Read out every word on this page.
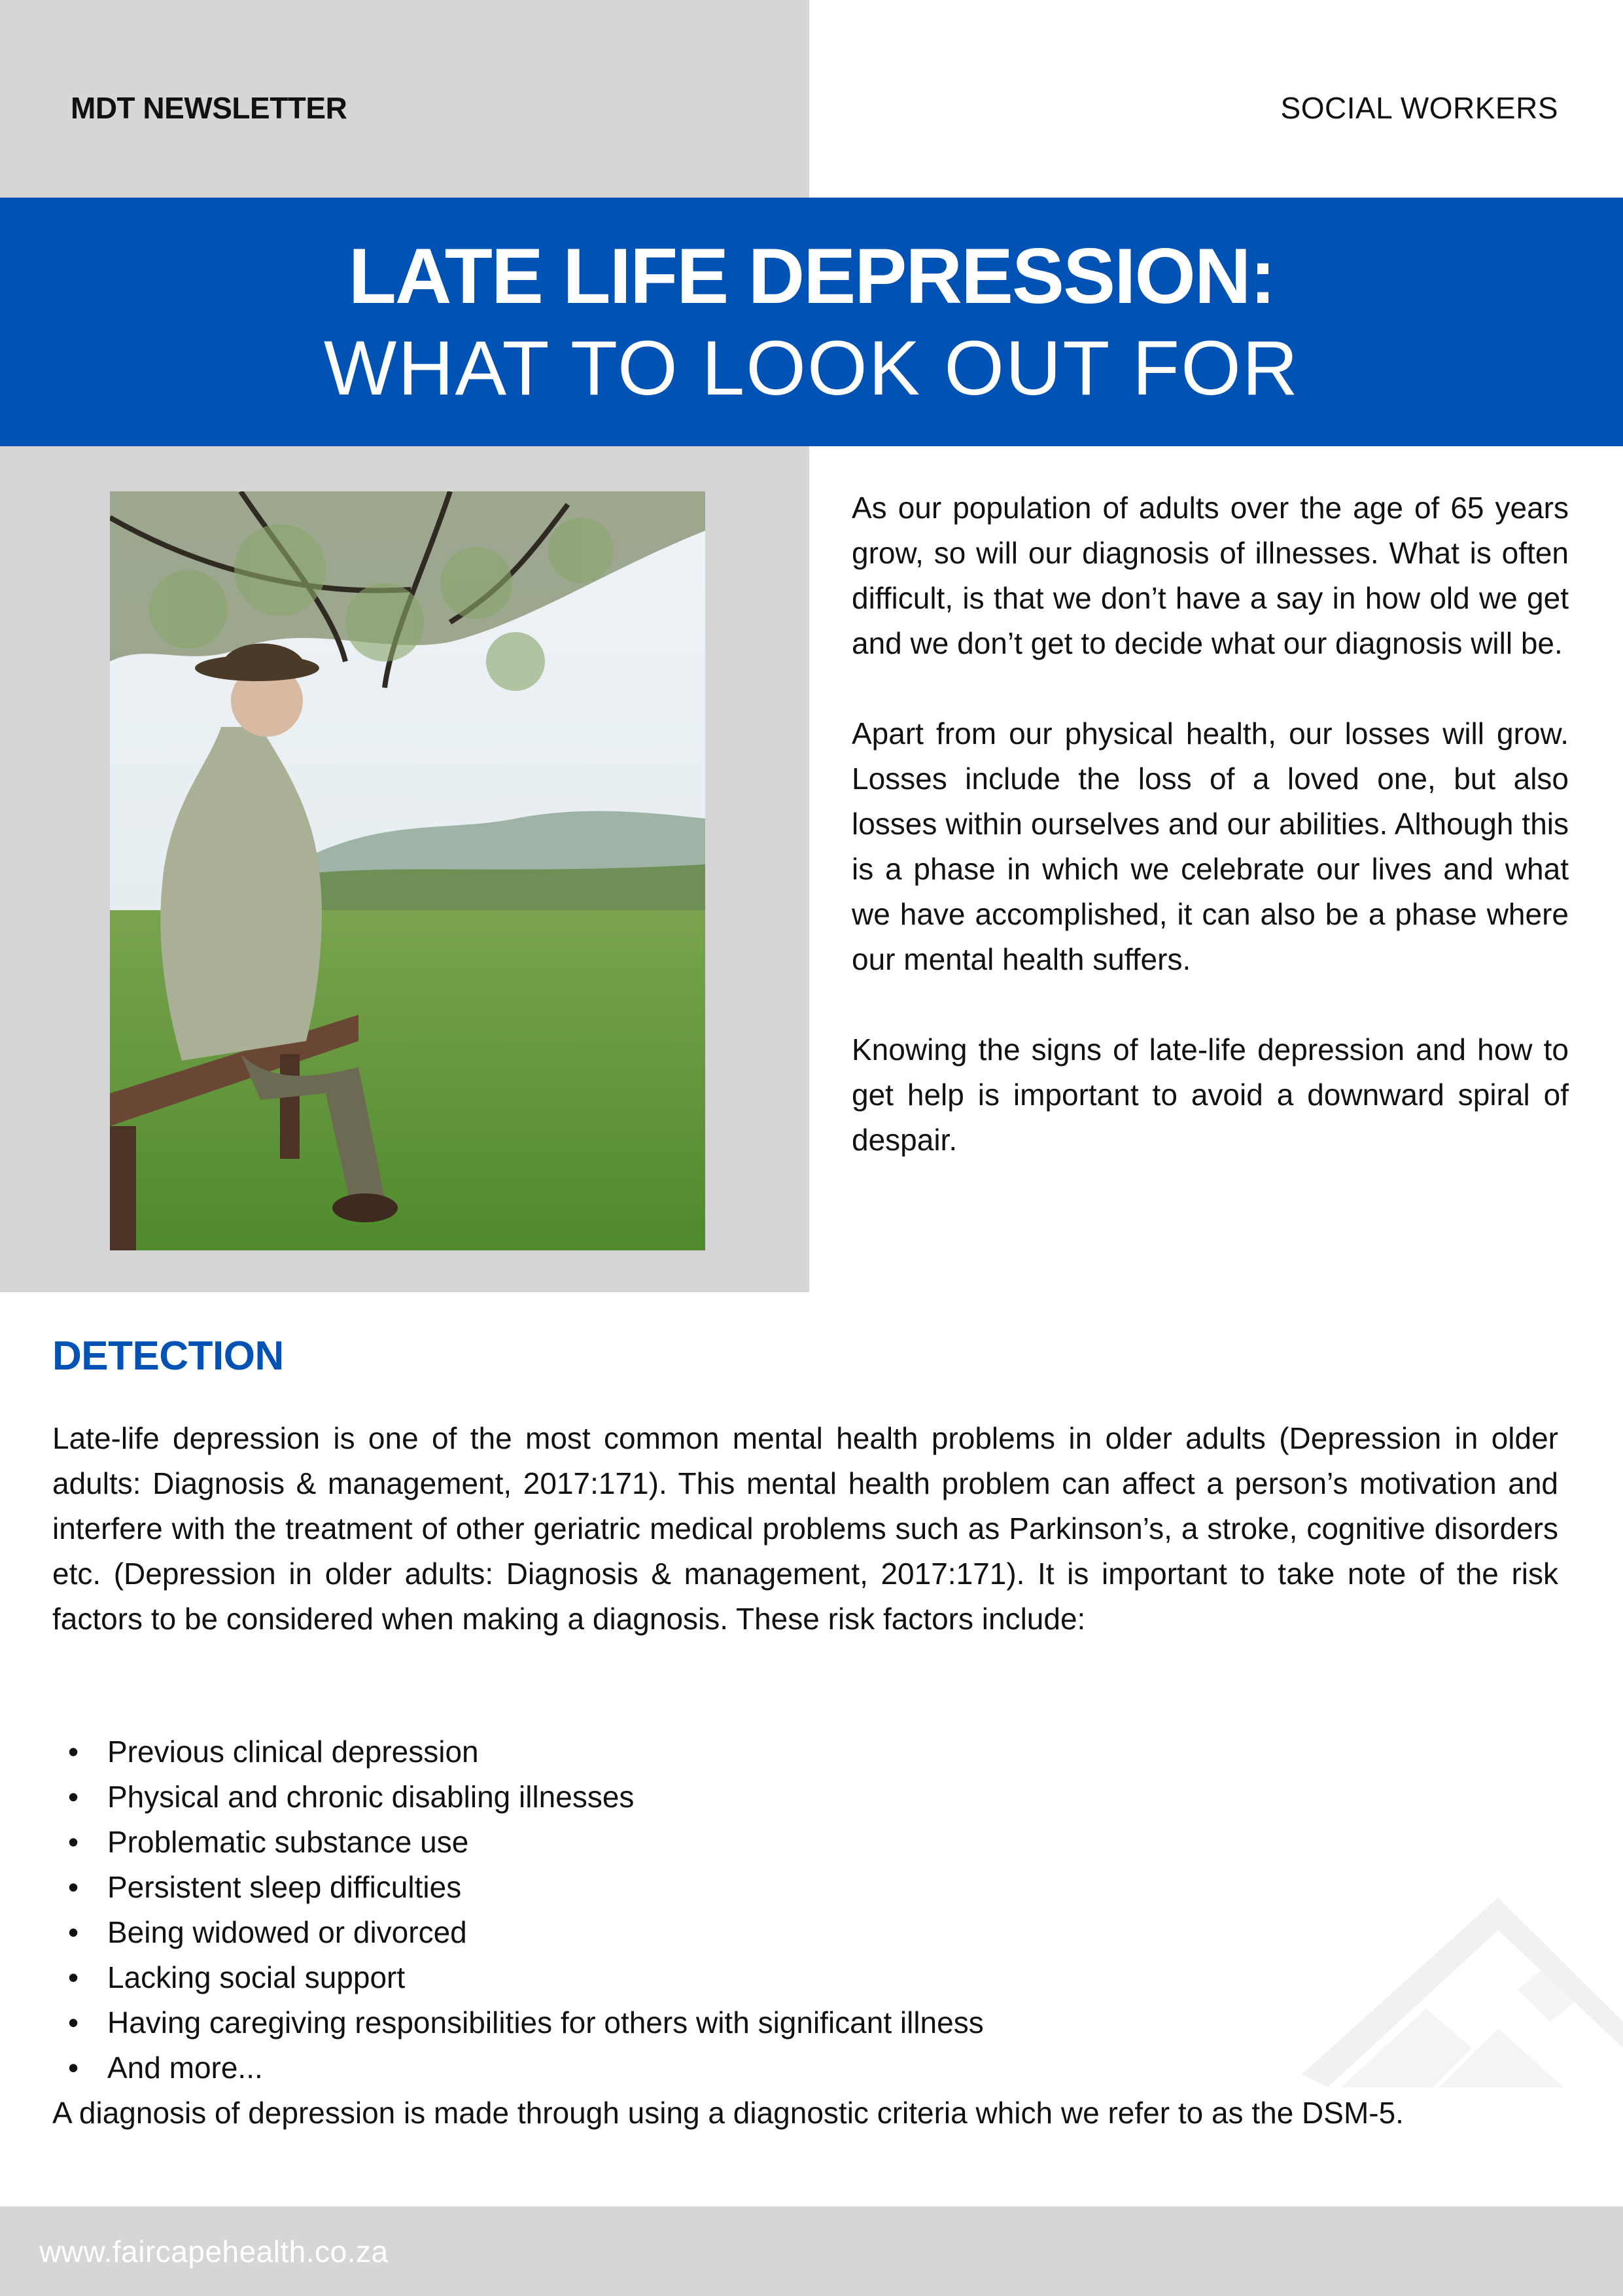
MDT NEWSLETTER	SOCIAL WORKERS
LATE LIFE DEPRESSION:
WHAT TO LOOK OUT FOR

As our population of adults over the age of 65 years grow, so will our diagnosis of illnesses. What is often difficult, is that we don’t have a say in how old we get and we don’t get to decide what our diagnosis will be.

Apart from our physical health, our losses will grow. Losses include the loss of a loved one, but also losses within ourselves and our abilities. Although this is a phase in which we celebrate our lives and what we have accomplished, it can also be a phase where our mental health suffers.

Knowing the signs of late-life depression and how to get help is important to avoid a downward spiral of despair.

DETECTION

Late-life depression is one of the most common mental health problems in older adults (Depression in older adults: Diagnosis & management, 2017:171). This mental health problem can affect a person’s motivation and interfere with the treatment of other geriatric medical problems such as Parkinson’s, a stroke, cognitive disorders etc. (Depression in older adults: Diagnosis & management, 2017:171). It is important to take note of the risk factors to be considered when making a diagnosis. These risk factors include:

• Previous clinical depression
• Physical and chronic disabling illnesses
• Problematic substance use
• Persistent sleep difficulties
• Being widowed or divorced
• Lacking social support
• Having caregiving responsibilities for others with significant illness
• And more...

A diagnosis of depression is made through using a diagnostic criteria which we refer to as the DSM-5.

www.faircapehealth.co.za
